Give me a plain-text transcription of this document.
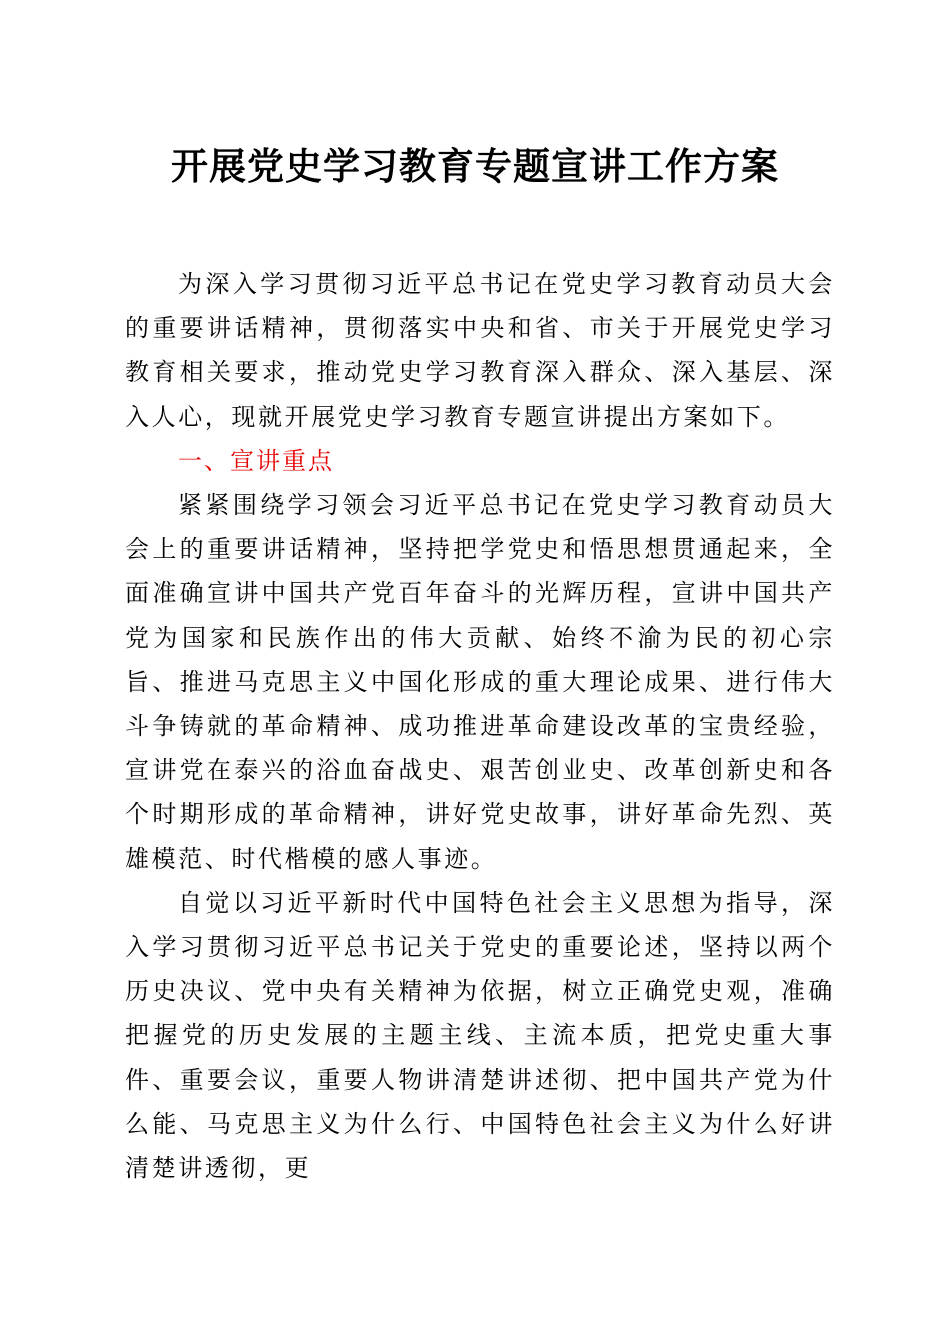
开展党史学习教育专题宣讲工作方案

为深入学习贯彻习近平总书记在党史学习教育动员大会的重要讲话精神，贯彻落实中央和省、市关于开展党史学习教育相关要求，推动党史学习教育深入群众、深入基层、深入人心，现就开展党史学习教育专题宣讲提出方案如下。

一、宣讲重点

紧紧围绕学习领会习近平总书记在党史学习教育动员大会上的重要讲话精神，坚持把学党史和悟思想贯通起来，全面准确宣讲中国共产党百年奋斗的光辉历程，宣讲中国共产党为国家和民族作出的伟大贡献、始终不渝为民的初心宗旨、推进马克思主义中国化形成的重大理论成果、进行伟大斗争铸就的革命精神、成功推进革命建设改革的宝贵经验，宣讲党在泰兴的浴血奋战史、艰苦创业史、改革创新史和各个时期形成的革命精神，讲好党史故事，讲好革命先烈、英雄模范、时代楷模的感人事迹。

自觉以习近平新时代中国特色社会主义思想为指导，深入学习贯彻习近平总书记关于党史的重要论述，坚持以两个历史决议、党中央有关精神为依据，树立正确党史观，准确把握党的历史发展的主题主线、主流本质，把党史重大事件、重要会议，重要人物讲清楚讲述彻、把中国共产党为什么能、马克思主义为什么行、中国特色社会主义为什么好讲清楚讲透彻，更
